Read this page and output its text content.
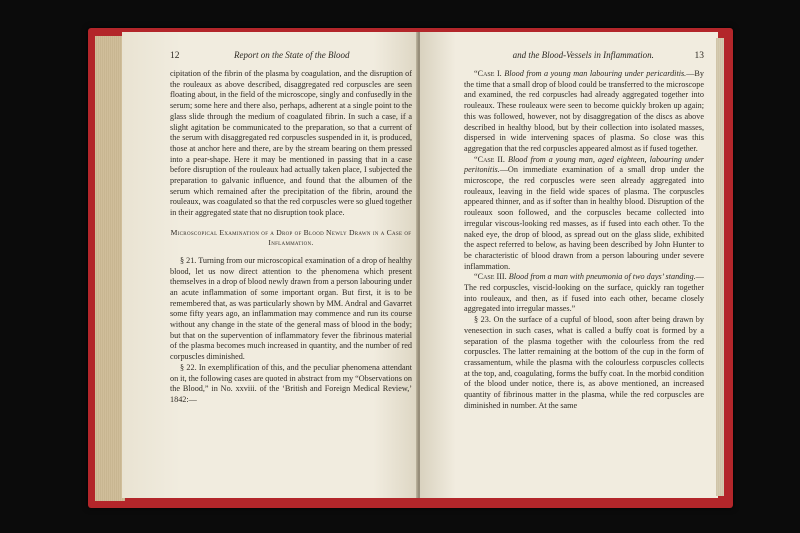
12	Report on the State of the Blood

cipitation of the fibrin of the plasma by coagulation, and the disruption of the rouleaux as above described, disaggregated red corpuscles are seen floating about, in the field of the microscope, singly and confusedly in the serum; some here and there also, perhaps, adherent at a single point to the glass slide through the medium of coagulated fibrin. In such a case, if a slight agitation be communicated to the preparation, so that a current of the serum with disaggregated red corpuscles suspended in it, is produced, those at anchor here and there, are by the stream bearing on them pressed into a pear-shape. Here it may be mentioned in passing that in a case before disruption of the rouleaux had actually taken place, I subjected the preparation to galvanic influence, and found that the albumen of the serum which remained after the precipitation of the fibrin, around the rouleaux, was coagulated so that the red corpuscles were so glued together in their aggregated state that no disruption took place.

Microscopical Examination of a Drop of Blood Newly Drawn in a Case of Inflammation.

§ 21. Turning from our microscopical examination of a drop of healthy blood, let us now direct attention to the phenomena which present themselves in a drop of blood newly drawn from a person labouring under an acute inflammation of some important organ. But first, it is to be remembered that, as was particularly shown by MM. Andral and Gavarret some fifty years ago, an inflammation may commence and run its course without any change in the state of the general mass of blood in the body; but that on the supervention of inflammatory fever the fibrinous material of the plasma becomes much increased in quantity, and the number of red corpuscles diminished.

§ 22. In exemplification of this, and the peculiar phenomena attendant on it, the following cases are quoted in abstract from my “Observations on the Blood,” in No. xxviii. of the ‘British and Foreign Medical Review,’ 1842:—

and the Blood-Vessels in Inflammation.	13

“Case I. Blood from a young man labouring under pericarditis.—By the time that a small drop of blood could be transferred to the microscope and examined, the red corpuscles had already aggregated together into rouleaux. These rouleaux were seen to become quickly broken up again; this was followed, however, not by disaggregation of the discs as above described in healthy blood, but by their collection into isolated masses, dispersed in wide intervening spaces of plasma. So close was this aggregation that the red corpuscles appeared almost as if fused together.

“Case II. Blood from a young man, aged eighteen, labouring under peritonitis.—On immediate examination of a small drop under the microscope, the red corpuscles were seen already aggregated into rouleaux, leaving in the field wide spaces of plasma. The corpuscles appeared thinner, and as if softer than in healthy blood. Disruption of the rouleaux soon followed, and the corpuscles became collected into irregular viscous-looking red masses, as if fused into each other. To the naked eye, the drop of blood, as spread out on the glass slide, exhibited the aspect referred to below, as having been described by John Hunter to be characteristic of blood drawn from a person labouring under severe inflammation.

“Case III. Blood from a man with pneumonia of two days’ standing.—The red corpuscles, viscid-looking on the surface, quickly ran together into rouleaux, and then, as if fused into each other, became closely aggregated into irregular masses.”

§ 23. On the surface of a cupful of blood, soon after being drawn by venesection in such cases, what is called a buffy coat is formed by a separation of the plasma together with the colourless from the red corpuscles. The latter remaining at the bottom of the cup in the form of crassamentum, while the plasma with the colourless corpuscles collects at the top, and, coagulating, forms the buffy coat. In the morbid condition of the blood under notice, there is, as above mentioned, an increased quantity of fibrinous matter in the plasma, while the red corpuscles are diminished in number. At the same
